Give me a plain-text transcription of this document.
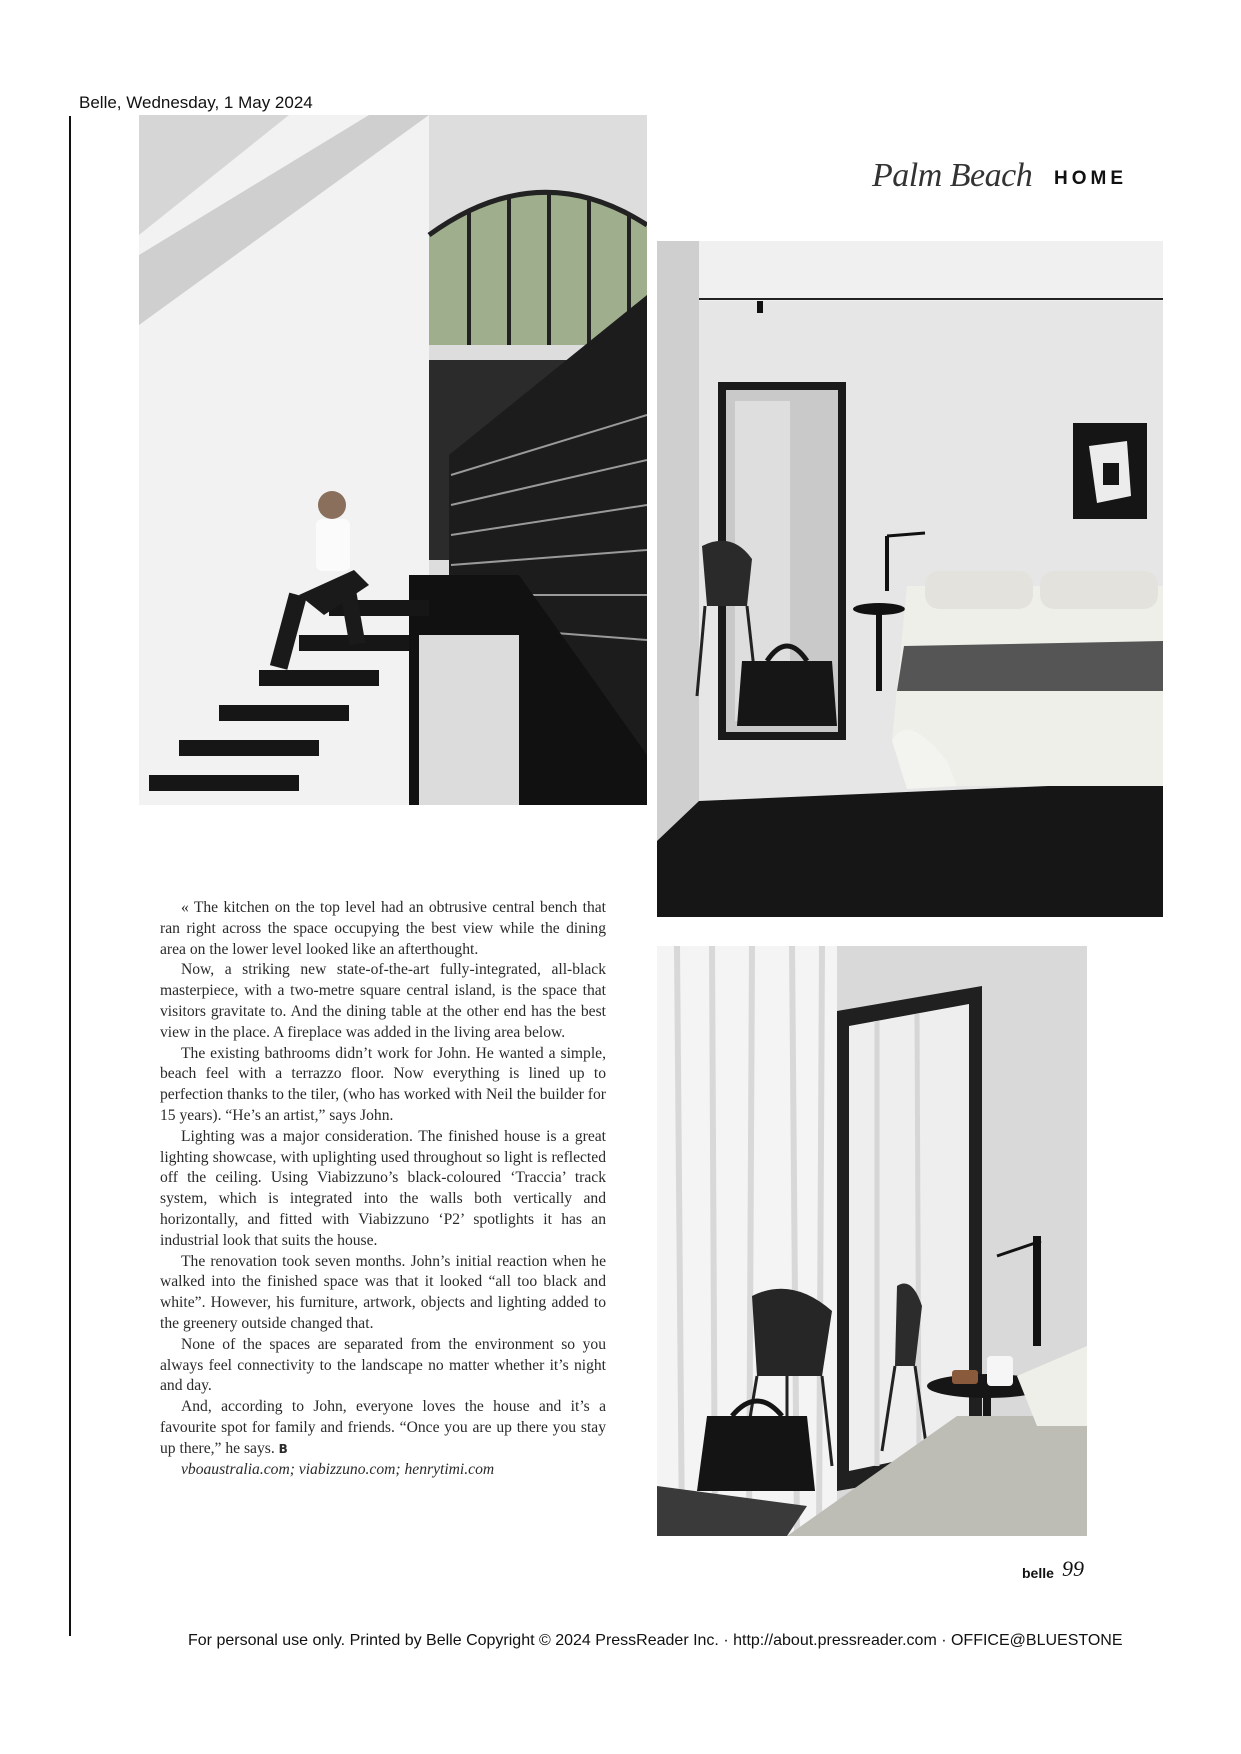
Belle, Wednesday, 1 May 2024

Palm Beach HOME

« The kitchen on the top level had an obtrusive central bench that ran right across the space occupying the best view while the dining area on the lower level looked like an afterthought.

Now, a striking new state-of-the-art fully-integrated, all-black masterpiece, with a two-metre square central island, is the space that visitors gravitate to. And the dining table at the other end has the best view in the place. A fireplace was added in the living area below.

The existing bathrooms didn’t work for John. He wanted a simple, beach feel with a terrazzo floor. Now everything is lined up to perfection thanks to the tiler, (who has worked with Neil the builder for 15 years). “He’s an artist,” says John.

Lighting was a major consideration. The finished house is a great lighting showcase, with uplighting used throughout so light is reflected off the ceiling. Using Viabizzuno’s black-coloured ‘Traccia’ track system, which is integrated into the walls both vertically and horizontally, and fitted with Viabizzuno ‘P2’ spotlights it has an industrial look that suits the house.

The renovation took seven months. John’s initial reaction when he walked into the finished space was that it looked “all too black and white”. However, his furniture, artwork, objects and lighting added to the greenery outside changed that.

None of the spaces are separated from the environment so you always feel connectivity to the landscape no matter whether it’s night and day.

And, according to John, everyone loves the house and it’s a favourite spot for family and friends. “Once you are up there you stay up there,” he says. B

vboaustralia.com; viabizzuno.com; henrytimi.com

belle 99

For personal use only. Printed by Belle Copyright © 2024 PressReader Inc. · http://about.pressreader.com · OFFICE@BLUESTONE
